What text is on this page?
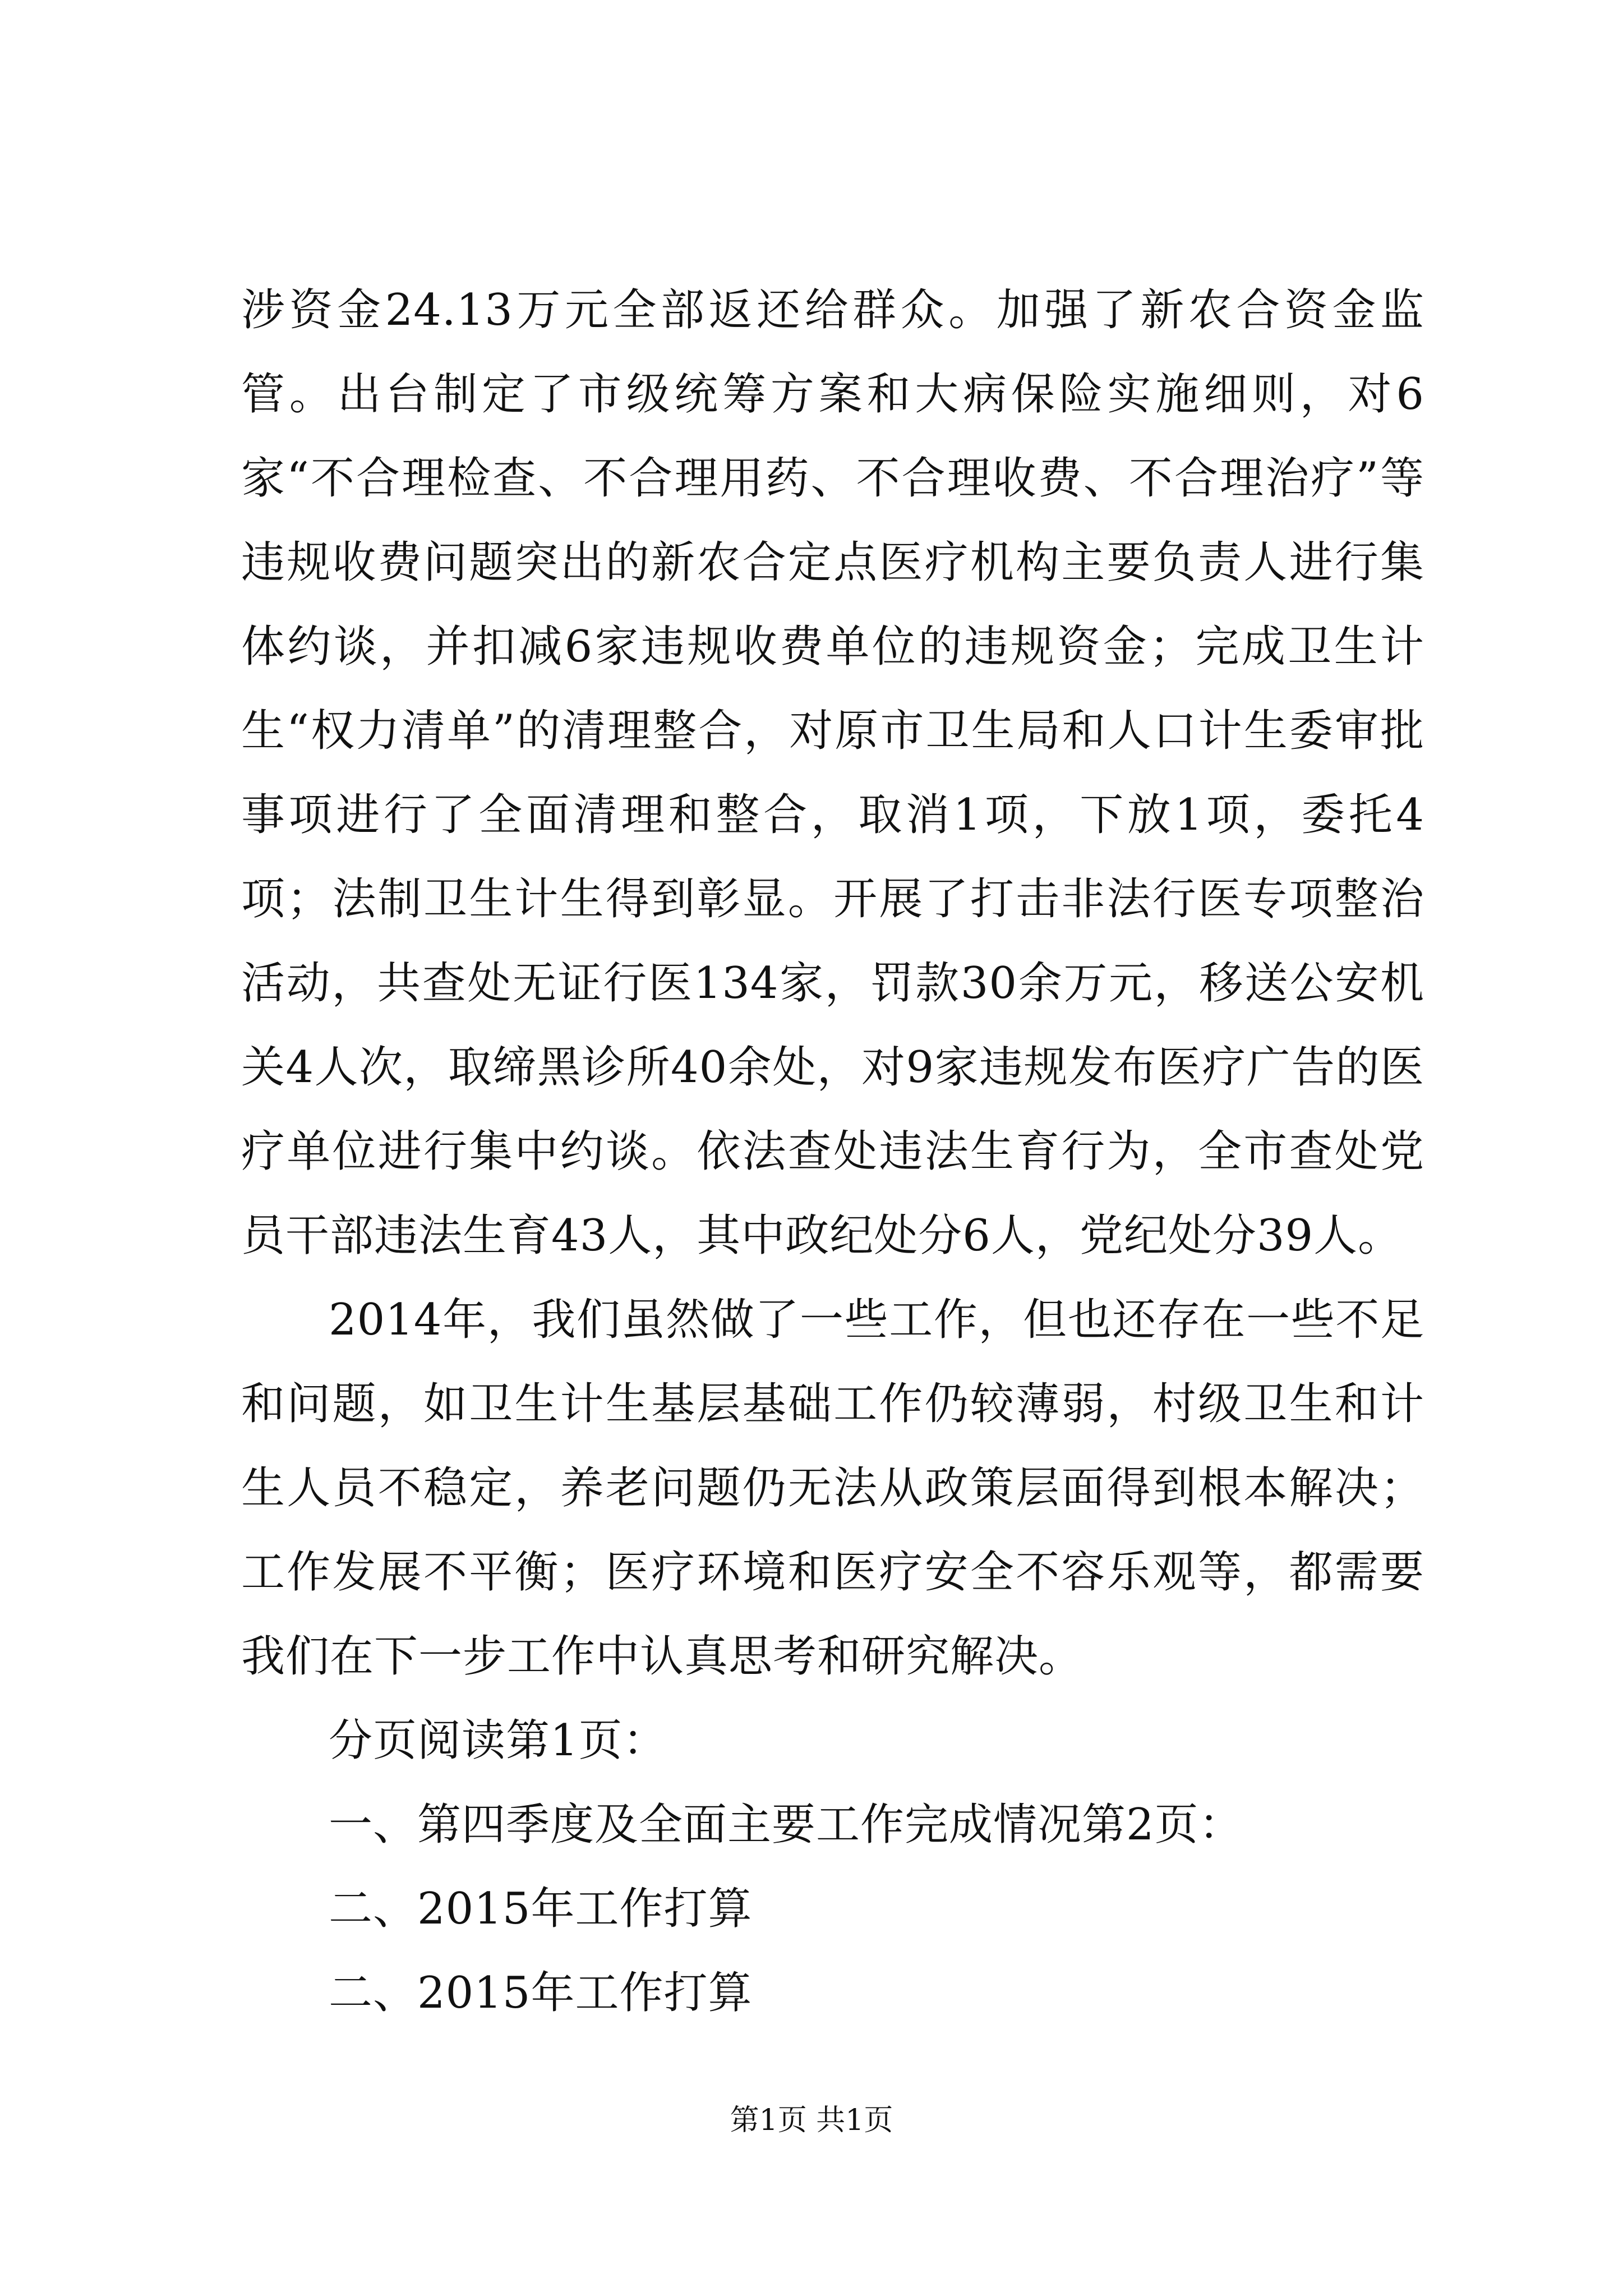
涉资金24.13万元全部返还给群众。加强了新农合资金监管。出台制定了市级统筹方案和大病保险实施细则，对6家“不合理检查、不合理用药、不合理收费、不合理治疗”等违规收费问题突出的新农合定点医疗机构主要负责人进行集体约谈，并扣减6家违规收费单位的违规资金；完成卫生计生“权力清单”的清理整合，对原市卫生局和人口计生委审批事项进行了全面清理和整合，取消1项，下放1项，委托4项；法制卫生计生得到彰显。开展了打击非法行医专项整治活动，共查处无证行医134家，罚款30余万元，移送公安机关4人次，取缔黑诊所40余处，对9家违规发布医疗广告的医疗单位进行集中约谈。依法查处违法生育行为，全市查处党员干部违法生育43人，其中政纪处分6人，党纪处分39人。

2014年，我们虽然做了一些工作，但也还存在一些不足和问题，如卫生计生基层基础工作仍较薄弱，村级卫生和计生人员不稳定，养老问题仍无法从政策层面得到根本解决；工作发展不平衡；医疗环境和医疗安全不容乐观等，都需要我们在下一步工作中认真思考和研究解决。

分页阅读第1页：

一、第四季度及全面主要工作完成情况第2页：

二、2015年工作打算

二、2015年工作打算

第1页 共1页
